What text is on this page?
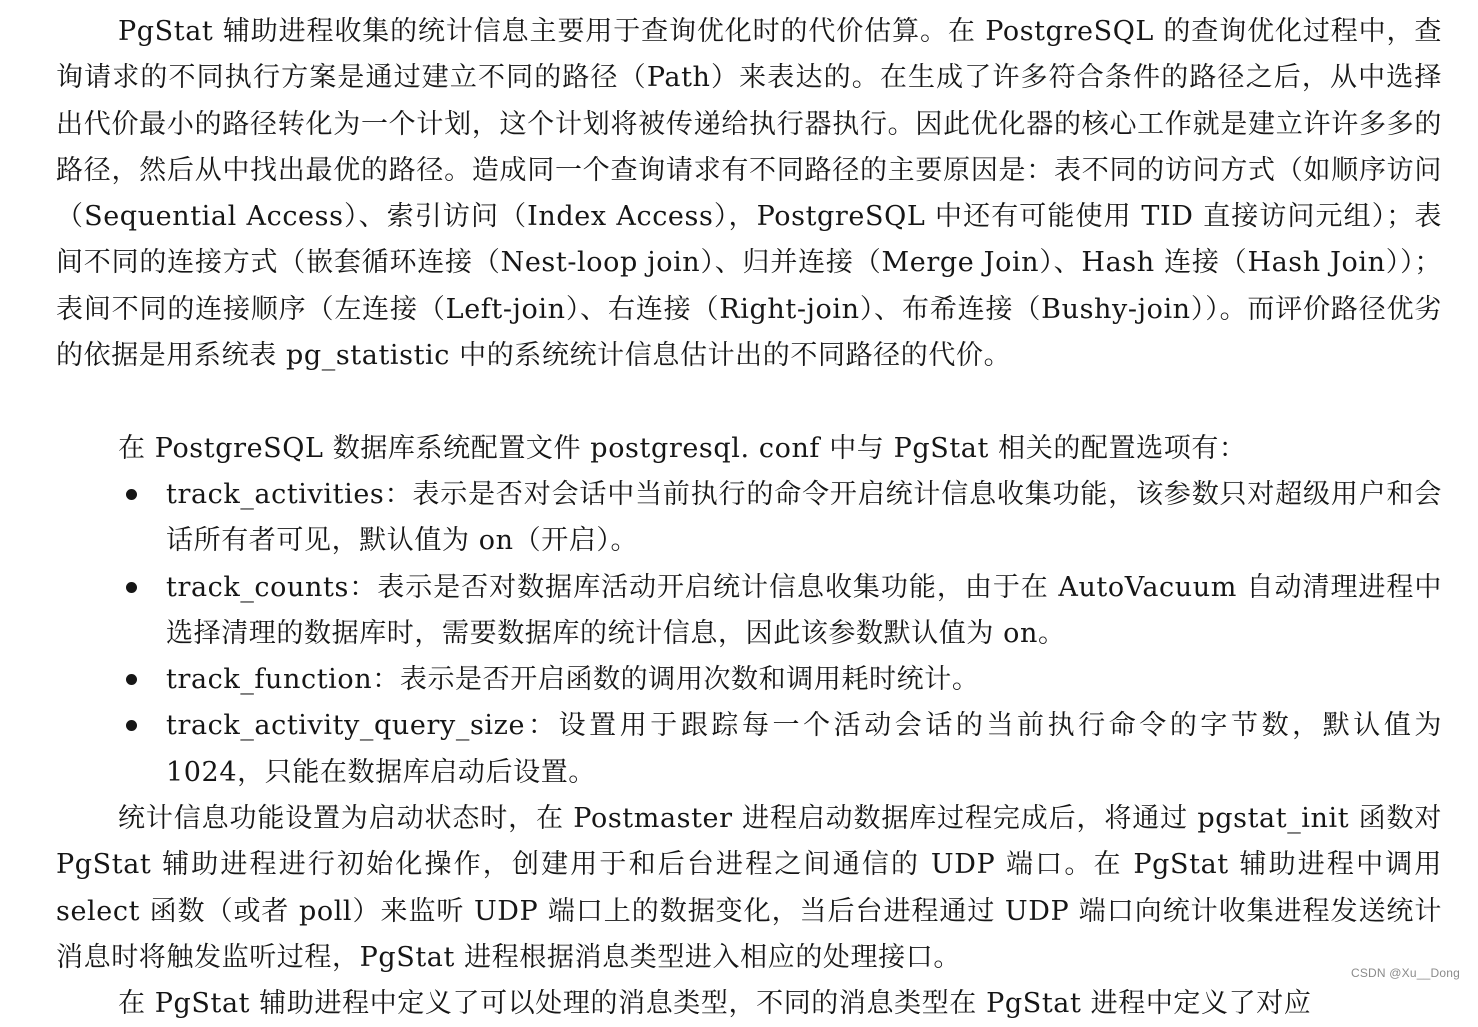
PgStat 辅助进程收集的统计信息主要用于查询优化时的代价估算。在 PostgreSQL 的查询优化过程中，查询请求的不同执行方案是通过建立不同的路径（Path）来表达的。在生成了许多符合条件的路径之后，从中选择出代价最小的路径转化为一个计划，这个计划将被传递给执行器执行。因此优化器的核心工作就是建立许许多多的路径，然后从中找出最优的路径。造成同一个查询请求有不同路径的主要原因是：表不同的访问方式（如顺序访问（Sequential Access）、索引访问（Index Access），PostgreSQL 中还有可能使用 TID 直接访问元组）；表间不同的连接方式（嵌套循环连接（Nest-loop join）、归并连接（Merge Join）、Hash 连接（Hash Join））；表间不同的连接顺序（左连接（Left-join）、右连接（Right-join）、布希连接（Bushy-join））。而评价路径优劣的依据是用系统表 pg_statistic 中的系统统计信息估计出的不同路径的代价。

在 PostgreSQL 数据库系统配置文件 postgresql. conf 中与 PgStat 相关的配置选项有：

track_activities：表示是否对会话中当前执行的命令开启统计信息收集功能，该参数只对超级用户和会话所有者可见，默认值为 on（开启）。
track_counts：表示是否对数据库活动开启统计信息收集功能，由于在 AutoVacuum 自动清理进程中选择清理的数据库时，需要数据库的统计信息，因此该参数默认值为 on。
track_function：表示是否开启函数的调用次数和调用耗时统计。
track_activity_query_size：设置用于跟踪每一个活动会话的当前执行命令的字节数，默认值为 1024，只能在数据库启动后设置。

统计信息功能设置为启动状态时，在 Postmaster 进程启动数据库过程完成后，将通过 pgstat_init 函数对 PgStat 辅助进程进行初始化操作，创建用于和后台进程之间通信的 UDP 端口。在 PgStat 辅助进程中调用 select 函数（或者 poll）来监听 UDP 端口上的数据变化，当后台进程通过 UDP 端口向统计收集进程发送统计消息时将触发监听过程，PgStat 进程根据消息类型进入相应的处理接口。

在 PgStat 辅助进程中定义了可以处理的消息类型，不同的消息类型在 PgStat 进程中定义了对应

CSDN @Xu__Dong
